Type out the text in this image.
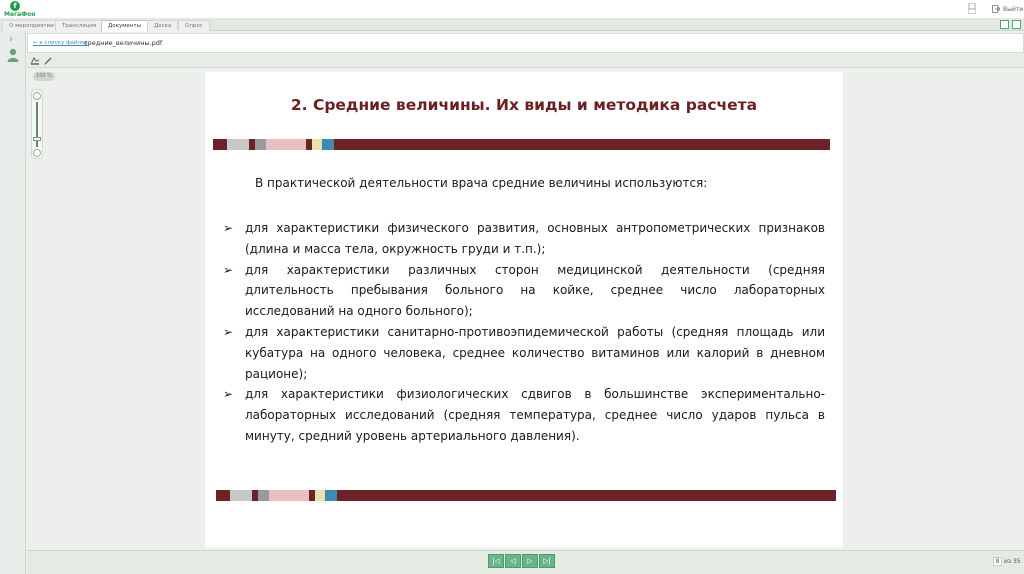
f
МегаФон
Выйти
О мероприятии	Трансляция	Документы	Доска	Опрос
›	← к списку файлов
средние_величины.pdf
100 %
2. Средние величины. Их виды и методика расчета
В практической деятельности врача средние величины используются:
➢ для характеристики физического развития, основных антропометрических признаков (длина и масса тела, окружность груди и т.п.);
➢ для характеристики различных сторон медицинской деятельности (средняя длительность пребывания больного на койке, среднее число лабораторных исследований на одного больного);
➢ для характеристики санитарно-противоэпидемической работы (средняя площадь или кубатура на одного человека, среднее количество витаминов или калорий в дневном рационе);
➢ для характеристики физиологических сдвигов в большинстве экспериментально-лабораторных исследований (средняя температура, среднее число ударов пульса в минуту, средний уровень артериального давления).
|◁	◁	▷	▷|	8 из 35
